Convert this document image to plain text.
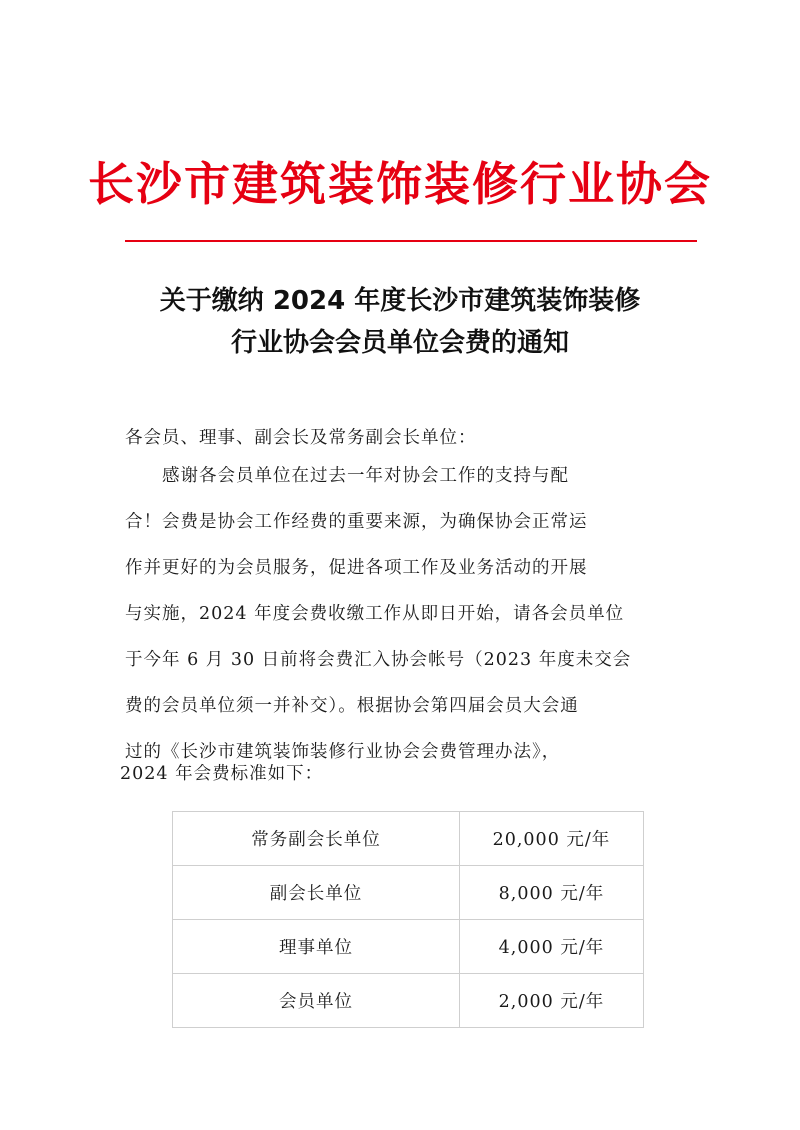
长沙市建筑装饰装修行业协会
关于缴纳 2024 年度长沙市建筑装饰装修
行业协会会员单位会费的通知
各会员、理事、副会长及常务副会长单位：
　　感谢各会员单位在过去一年对协会工作的支持与配
合！会费是协会工作经费的重要来源，为确保协会正常运
作并更好的为会员服务，促进各项工作及业务活动的开展
与实施，2024 年度会费收缴工作从即日开始，请各会员单位
于今年 6 月 30 日前将会费汇入协会帐号（2023 年度未交会
费的会员单位须一并补交）。根据协会第四届会员大会通
过的《长沙市建筑装饰装修行业协会会费管理办法》，
2024 年会费标准如下：
常务副会长单位	20,000 元/年
副会长单位	8,000 元/年
理事单位	4,000 元/年
会员单位	2,000 元/年
